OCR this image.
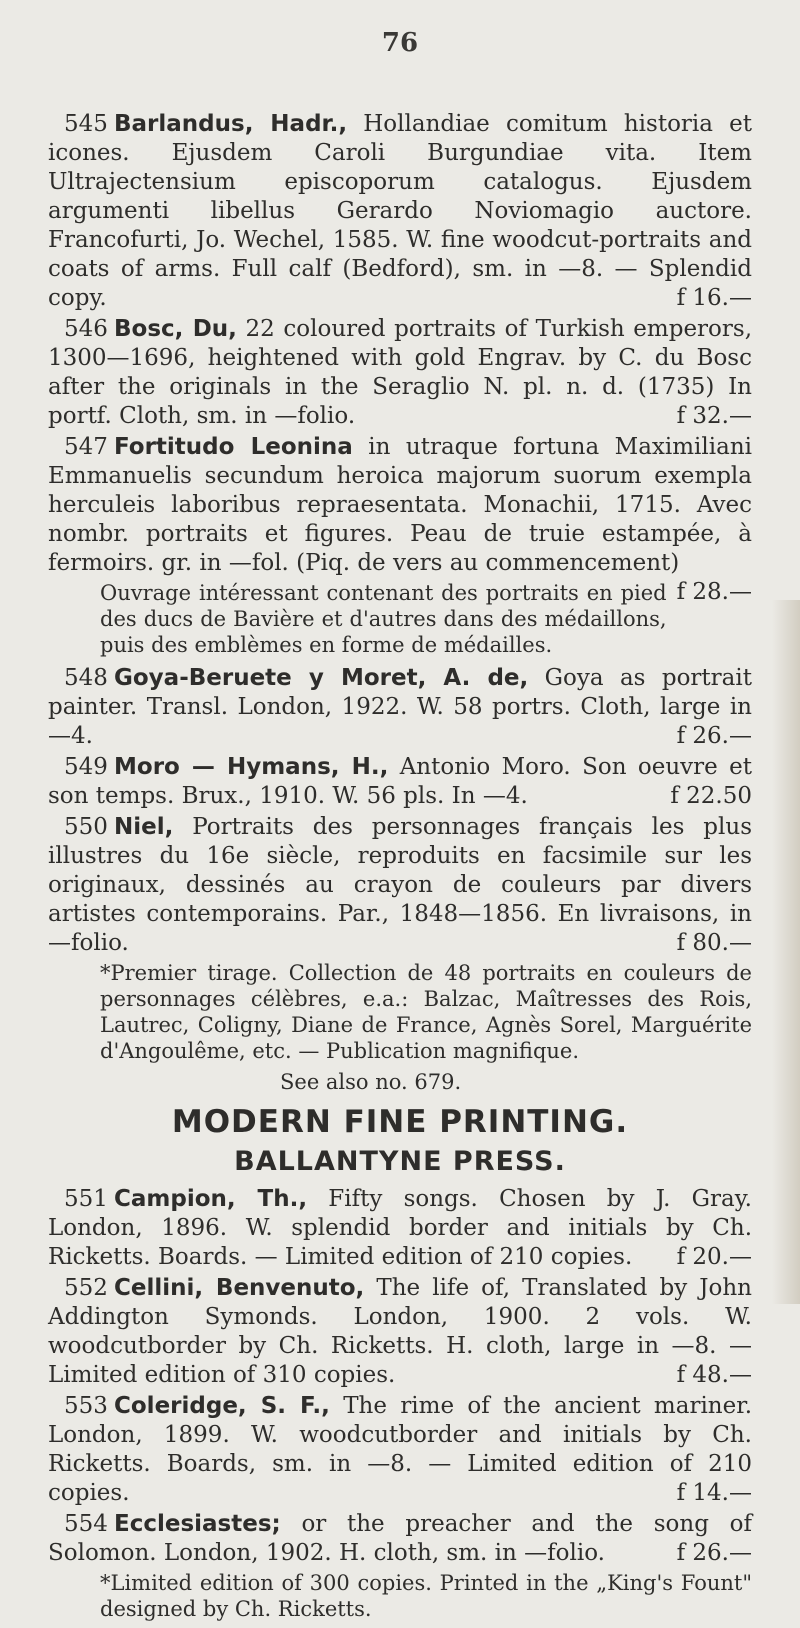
76
545 Barlandus, Hadr., Hollandiae comitum historia et icones. Ejusdem Caroli Burgundiae vita. Item Ultrajectensium episcoporum catalogus. Ejusdem argumenti libellus Gerardo Noviomagio auctore. Francofurti, Jo. Wechel, 1585. W. fine woodcut-portraits and coats of arms. Full calf (Bedford), sm. in —8. — Splendid copy.	f 16.—
546 Bosc, Du, 22 coloured portraits of Turkish emperors, 1300—1696, heightened with gold Engrav. by C. du Bosc after the originals in the Seraglio N. pl. n. d. (1735) In portf. Cloth, sm. in —folio.	f 32.—
547 Fortitudo Leonina in utraque fortuna Maximiliani Emmanuelis secundum heroica majorum suorum exempla herculeis laboribus repraesentata. Monachii, 1715. Avec nombr. portraits et figures. Peau de truie estampée, à fermoirs. gr. in —fol. (Piq. de vers au commencement)
f 28.—
Ouvrage intéressant contenant des portraits en pied des ducs de Bavière et d'autres dans des médaillons, puis des emblèmes en forme de médailles.
548 Goya-Beruete y Moret, A. de, Goya as portrait painter. Transl. London, 1922. W. 58 portrs. Cloth, large in —4.	f 26.—
549 Moro — Hymans, H., Antonio Moro. Son oeuvre et son temps. Brux., 1910. W. 56 pls. In —4.	f 22.50
550 Niel, Portraits des personnages français les plus illustres du 16e siècle, reproduits en facsimile sur les originaux, dessinés au crayon de couleurs par divers artistes contemporains. Par., 1848—1856. En livraisons, in —folio.	f 80.—
*Premier tirage. Collection de 48 portraits en couleurs de personnages célèbres, e.a.: Balzac, Maîtresses des Rois, Lautrec, Coligny, Diane de France, Agnès Sorel, Marguérite d'Angoulême, etc. — Publication magnifique.
See also no. 679.
MODERN FINE PRINTING.
BALLANTYNE PRESS.
551 Campion, Th., Fifty songs. Chosen by J. Gray. London, 1896. W. splendid border and initials by Ch. Ricketts. Boards. — Limited edition of 210 copies. f 20.—
552 Cellini, Benvenuto, The life of, Translated by John Addington Symonds. London, 1900. 2 vols. W. woodcutborder by Ch. Ricketts. H. cloth, large in —8. — Limited edition of 310 copies.	f 48.—
553 Coleridge, S. F., The rime of the ancient mariner. London, 1899. W. woodcutborder and initials by Ch. Ricketts. Boards, sm. in —8. — Limited edition of 210 copies.	f 14.—
554 Ecclesiastes; or the preacher and the song of Solomon. London, 1902. H. cloth, sm. in —folio.	f 26.—
*Limited edition of 300 copies. Printed in the „King's Fount" designed by Ch. Ricketts.
